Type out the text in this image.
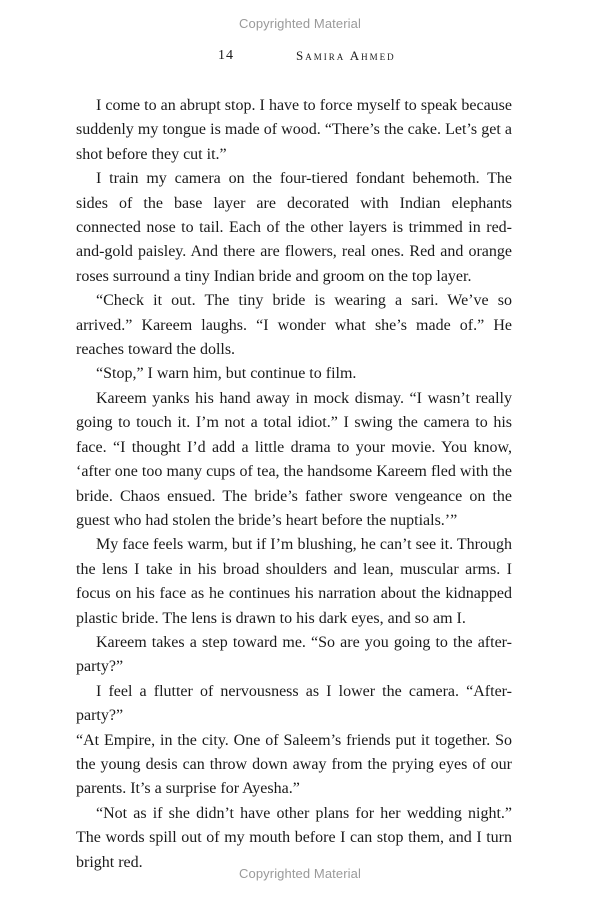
Copyrighted Material
14	Samira Ahmed

I come to an abrupt stop. I have to force myself to speak because suddenly my tongue is made of wood. “There’s the cake. Let’s get a shot before they cut it.”

I train my camera on the four-tiered fondant behemoth. The sides of the base layer are decorated with Indian elephants connected nose to tail. Each of the other layers is trimmed in red-and-gold paisley. And there are flowers, real ones. Red and orange roses surround a tiny Indian bride and groom on the top layer.

“Check it out. The tiny bride is wearing a sari. We’ve so arrived.” Kareem laughs. “I wonder what she’s made of.” He reaches toward the dolls.

“Stop,” I warn him, but continue to film.

Kareem yanks his hand away in mock dismay. “I wasn’t really going to touch it. I’m not a total idiot.” I swing the camera to his face. “I thought I’d add a little drama to your movie. You know, ‘after one too many cups of tea, the handsome Kareem fled with the bride. Chaos ensued. The bride’s father swore vengeance on the guest who had stolen the bride’s heart before the nuptials.’”

My face feels warm, but if I’m blushing, he can’t see it. Through the lens I take in his broad shoulders and lean, muscular arms. I focus on his face as he continues his narration about the kidnapped plastic bride. The lens is drawn to his dark eyes, and so am I.

Kareem takes a step toward me. “So are you going to the after-party?”

I feel a flutter of nervousness as I lower the camera. “After-party?”

“At Empire, in the city. One of Saleem’s friends put it together. So the young desis can throw down away from the prying eyes of our parents. It’s a surprise for Ayesha.”

“Not as if she didn’t have other plans for her wedding night.” The words spill out of my mouth before I can stop them, and I turn bright red.

Copyrighted Material
